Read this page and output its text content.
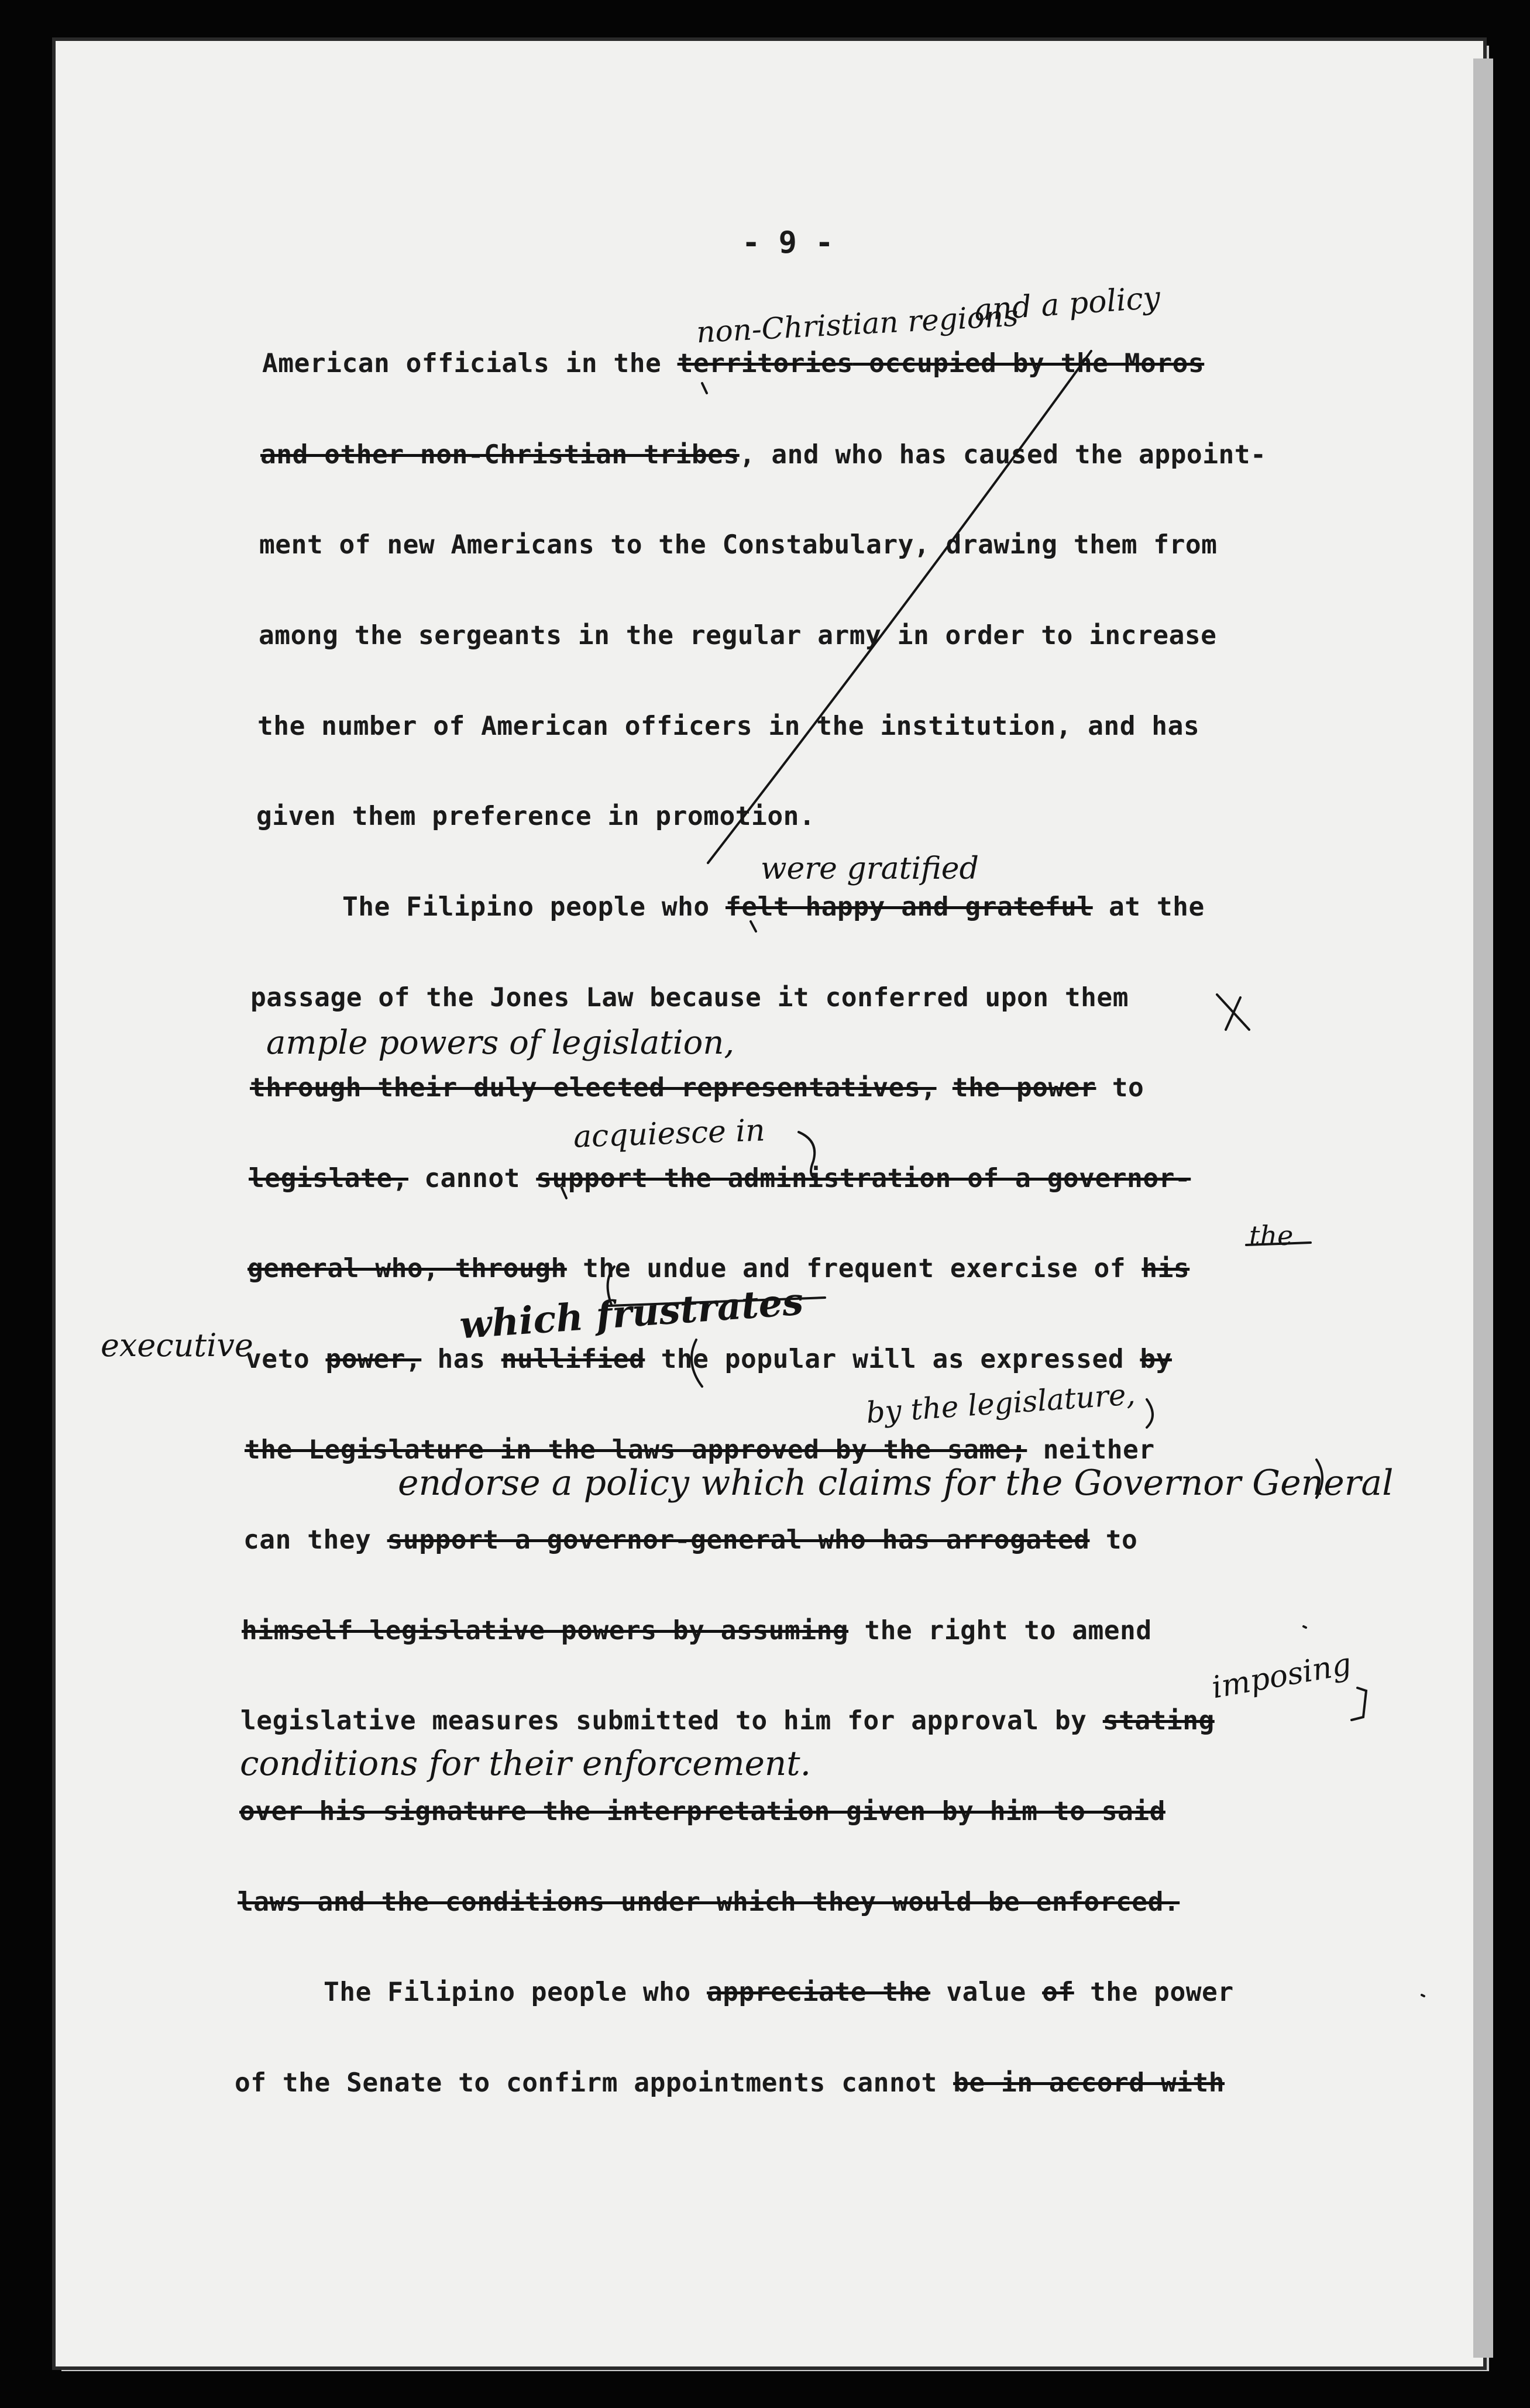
- 9 -
American officials in the territories occupied by the Moros
and other non-Christian tribes, and who has caused the appoint-
ment of new Americans to the Constabulary, drawing them from
among the sergeants in the regular army in order to increase
the number of American officers in the institution, and has
given them preference in promotion.
The Filipino people who felt happy and grateful at the
passage of the Jones Law because it conferred upon them
through their duly elected representatives, the power to
legislate, cannot support the administration of a governor-
general who, through the undue and frequent exercise of his
veto power, has nullified the popular will as expressed by
the Legislature in the laws approved by the same; neither
can they support a governor-general who has arrogated to
himself legislative powers by assuming the right to amend
legislative measures submitted to him for approval by stating
over his signature the interpretation given by him to said
laws and the conditions under which they would be enforced.
The Filipino people who appreciate the value of the power
of the Senate to confirm appointments cannot be in accord with
non-Christian regions
and a policy
were gratified
ample powers of legislation,
acquiesce in
the
which frustrates
executive
by the legislature,
endorse a policy which claims for the Governor General
imposing
conditions for their enforcement.
